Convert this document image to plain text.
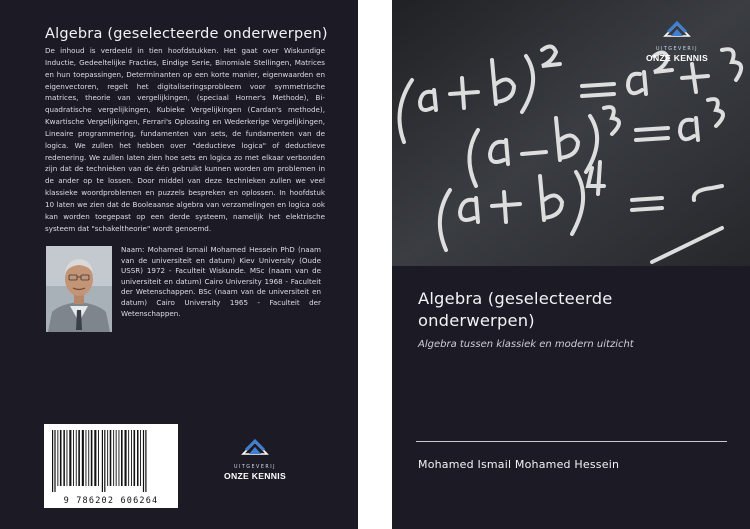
Algebra (geselecteerde onderwerpen)
De inhoud is verdeeld in tien hoofdstukken. Het gaat over Wiskundige Inductie, Gedeeltelijke Fracties, Eindige Serie, Binomiale Stellingen, Matrices en hun toepassingen, Determinanten op een korte manier, eigenwaarden en eigenvectoren, regelt het digitaliseringsprobleem voor symmetrische matrices, theorie van vergelijkingen, (speciaal Horner's Methode), Bi-quadratische vergelijkingen, Kubieke Vergelijkingen (Cardan's methode), Kwartische Vergelijkingen, Ferrari's Oplossing en Wederkerige Vergelijkingen, Lineaire programmering, fundamenten van sets, de fundamenten van de logica. We zullen het hebben over "deductieve logica" of deductieve redenering. We zullen laten zien hoe sets en logica zo met elkaar verbonden zijn dat de technieken van de één gebruikt kunnen worden om problemen in de ander op te lossen. Door middel van deze technieken zullen we veel klassieke woordproblemen en puzzels bespreken en oplossen. In hoofdstuk 10 laten we zien dat de Booleaanse algebra van verzamelingen en logica ook kan worden toegepast op een derde systeem, namelijk het elektrische systeem dat "schakeltheorie" wordt genoemd.
Naam: Mohamed Ismail Mohamed Hessein PhD (naam van de universiteit en datum) Kiev University (Oude USSR) 1972 - Faculteit Wiskunde. MSc (naam van de universiteit en datum) Cairo University 1968 - Faculteit der Wetenschappen. BSc (naam van de universiteit en datum) Cairo University 1965 - Faculteit der Wetenschappen.
9 786202 606264
UITGEVERIJ
ONZE KENNIS
UITGEVERIJ
ONZE KENNIS
Algebra (geselecteerde onderwerpen)
Algebra tussen klassiek en modern uitzicht
Mohamed Ismail Mohamed Hessein
